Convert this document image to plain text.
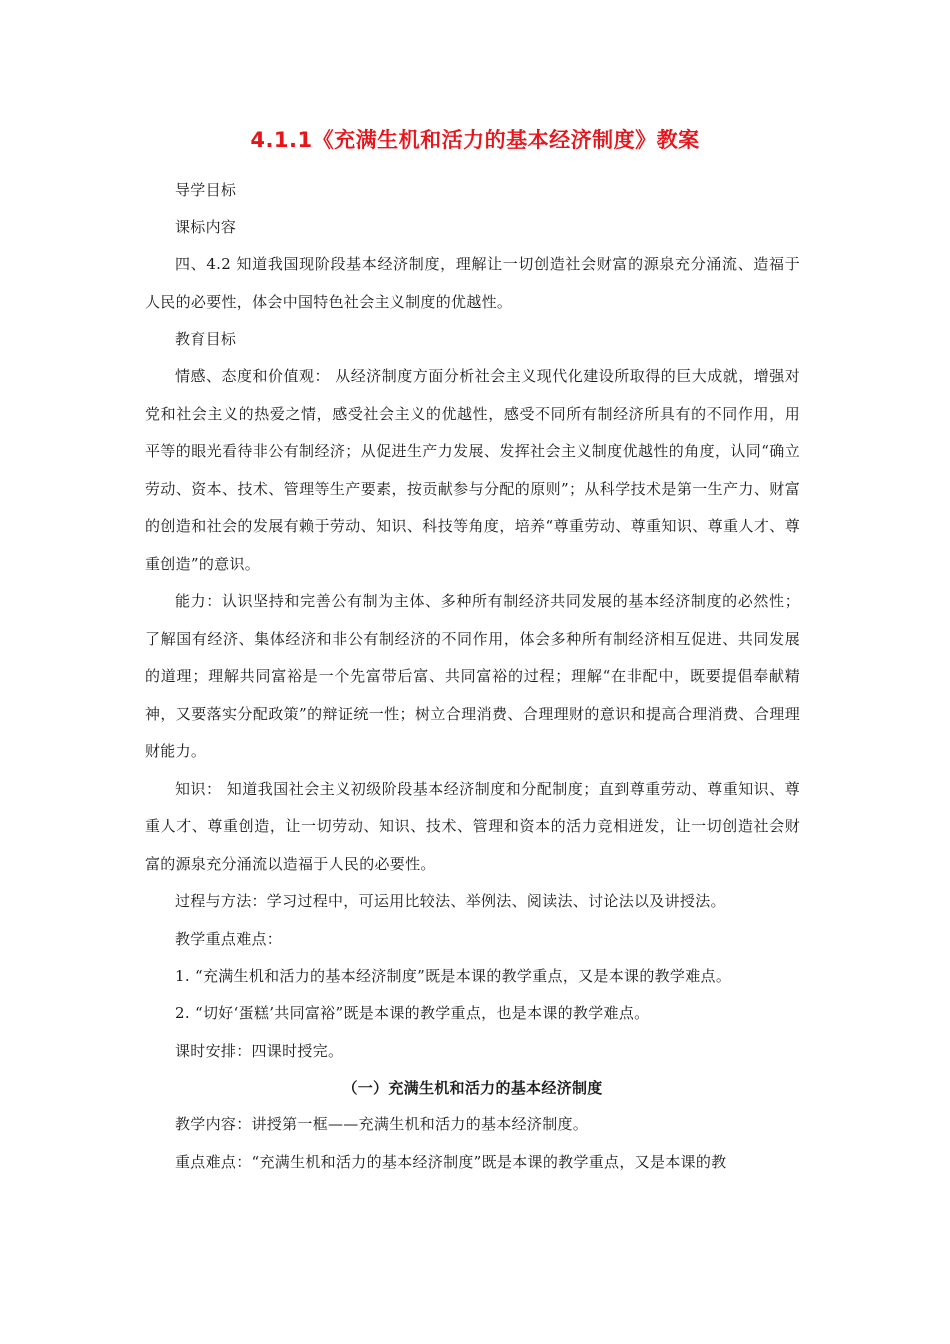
4.1.1《充满生机和活力的基本经济制度》教案

导学目标

课标内容

四、4.2 知道我国现阶段基本经济制度，理解让一切创造社会财富的源泉充分涌流、造福于人民的必要性，体会中国特色社会主义制度的优越性。

教育目标

情感、态度和价值观： 从经济制度方面分析社会主义现代化建设所取得的巨大成就，增强对党和社会主义的热爱之情，感受社会主义的优越性，感受不同所有制经济所具有的不同作用，用平等的眼光看待非公有制经济；从促进生产力发展、发挥社会主义制度优越性的角度，认同“确立劳动、资本、技术、管理等生产要素，按贡献参与分配的原则”；从科学技术是第一生产力、财富的创造和社会的发展有赖于劳动、知识、科技等角度，培养“尊重劳动、尊重知识、尊重人才、尊重创造”的意识。

能力：认识坚持和完善公有制为主体、多种所有制经济共同发展的基本经济制度的必然性；了解国有经济、集体经济和非公有制经济的不同作用，体会多种所有制经济相互促进、共同发展的道理；理解共同富裕是一个先富带后富、共同富裕的过程；理解“在非配中，既要提倡奉献精神，又要落实分配政策”的辩证统一性；树立合理消费、合理理财的意识和提高合理消费、合理理财能力。

知识： 知道我国社会主义初级阶段基本经济制度和分配制度；直到尊重劳动、尊重知识、尊重人才、尊重创造，让一切劳动、知识、技术、管理和资本的活力竞相迸发，让一切创造社会财富的源泉充分涌流以造福于人民的必要性。

过程与方法：学习过程中，可运用比较法、举例法、阅读法、讨论法以及讲授法。

教学重点难点：

1. “充满生机和活力的基本经济制度”既是本课的教学重点，又是本课的教学难点。

2. “切好‘蛋糕’共同富裕”既是本课的教学重点，也是本课的教学难点。

课时安排：四课时授完。

（一）充满生机和活力的基本经济制度

教学内容：讲授第一框——充满生机和活力的基本经济制度。

重点难点：“充满生机和活力的基本经济制度”既是本课的教学重点，又是本课的教
